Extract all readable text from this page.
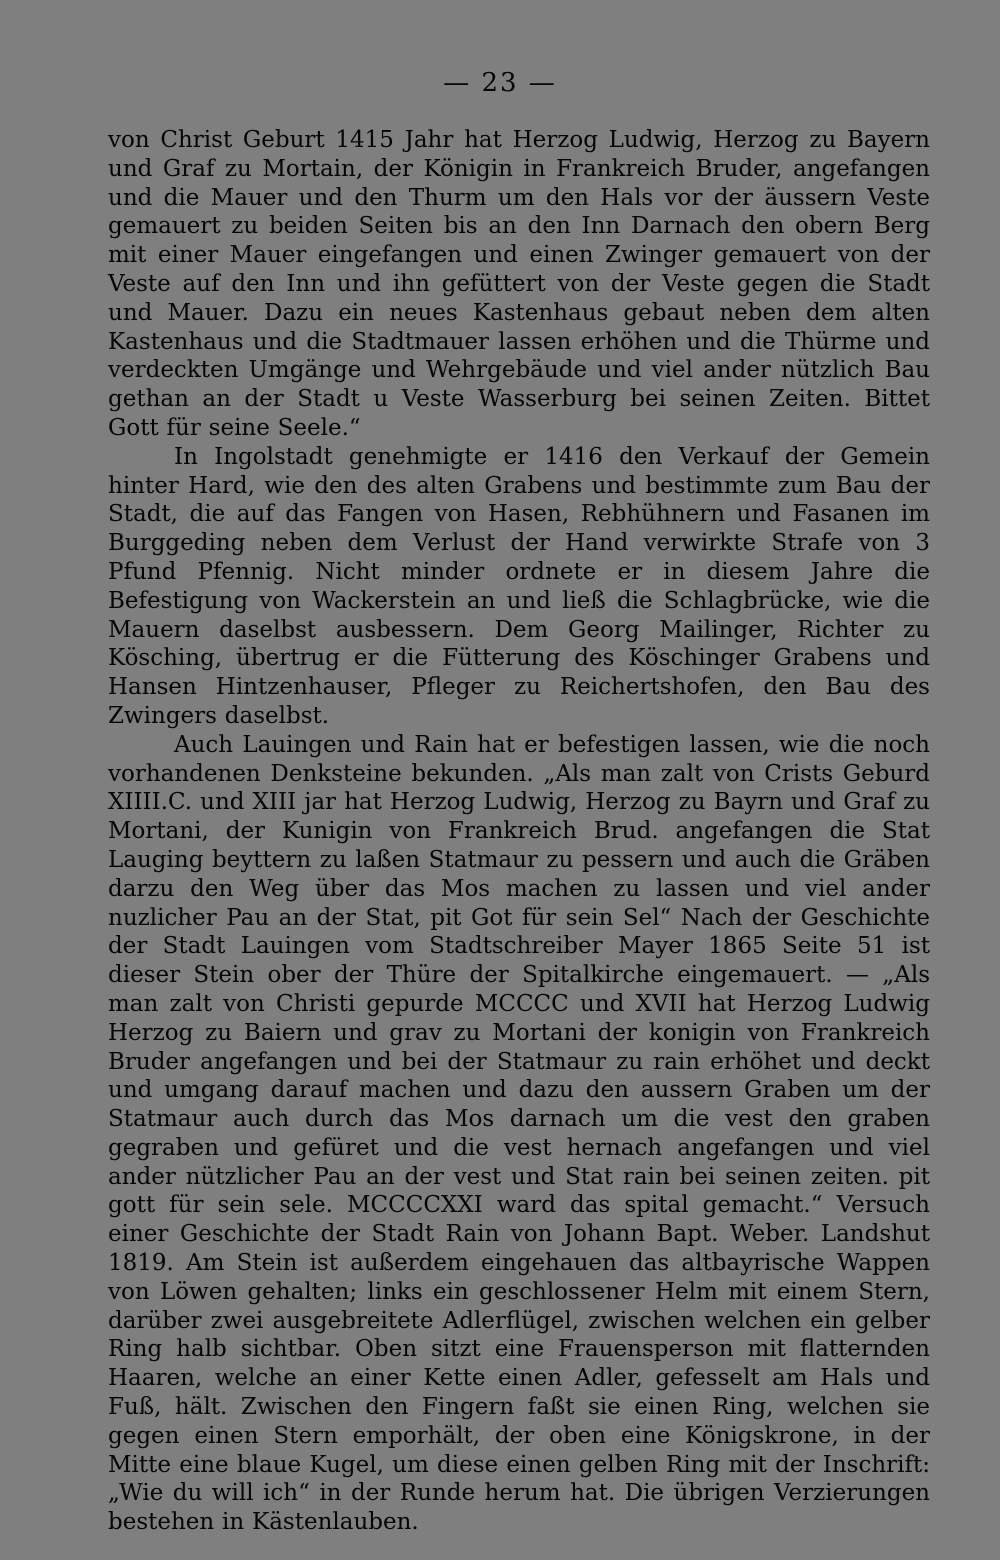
— 23 —

von Christ Geburt 1415 Jahr hat Herzog Ludwig, Herzog zu Bayern und Graf zu Mortain, der Königin in Frankreich Bruder, angefangen und die Mauer und den Thurm um den Hals vor der äussern Veste gemauert zu beiden Seiten bis an den Inn Darnach den obern Berg mit einer Mauer eingefangen und einen Zwinger gemauert von der Veste auf den Inn und ihn gefüttert von der Veste gegen die Stadt und Mauer. Dazu ein neues Kastenhaus gebaut neben dem alten Kastenhaus und die Stadtmauer lassen erhöhen und die Thürme und verdeckten Umgänge und Wehrgebäude und viel ander nützlich Bau gethan an der Stadt u Veste Wasserburg bei seinen Zeiten. Bittet Gott für seine Seele.“

In Ingolstadt genehmigte er 1416 den Verkauf der Gemein hinter Hard, wie den des alten Grabens und bestimmte zum Bau der Stadt, die auf das Fangen von Hasen, Rebhühnern und Fasanen im Burggeding neben dem Verlust der Hand verwirkte Strafe von 3 Pfund Pfennig. Nicht minder ordnete er in diesem Jahre die Befestigung von Wackerstein an und ließ die Schlagbrücke, wie die Mauern daselbst ausbessern. Dem Georg Mailinger, Richter zu Kösching, übertrug er die Fütterung des Köschinger Grabens und Hansen Hintzenhauser, Pfleger zu Reichertshofen, den Bau des Zwingers daselbst.

Auch Lauingen und Rain hat er befestigen lassen, wie die noch vorhandenen Denksteine bekunden. „Als man zalt von Crists Geburd XIIII.C. und XIII jar hat Herzog Ludwig, Herzog zu Bayrn und Graf zu Mortani, der Kunigin von Frankreich Brud. angefangen die Stat Lauging beyttern zu laßen Statmaur zu pessern und auch die Gräben darzu den Weg über das Mos machen zu lassen und viel ander nuzlicher Pau an der Stat, pit Got für sein Sel“ Nach der Geschichte der Stadt Lauingen vom Stadtschreiber Mayer 1865 Seite 51 ist dieser Stein ober der Thüre der Spitalkirche eingemauert. — „Als man zalt von Christi gepurde MCCCC und XVII hat Herzog Ludwig Herzog zu Baiern und grav zu Mortani der konigin von Frankreich Bruder angefangen und bei der Statmaur zu rain erhöhet und deckt und umgang darauf machen und dazu den aussern Graben um der Statmaur auch durch das Mos darnach um die vest den graben gegraben und gefüret und die vest hernach angefangen und viel ander nützlicher Pau an der vest und Stat rain bei seinen zeiten. pit gott für sein sele. MCCCCXXI ward das spital gemacht.“ Versuch einer Geschichte der Stadt Rain von Johann Bapt. Weber. Landshut 1819. Am Stein ist außerdem eingehauen das altbayrische Wappen von Löwen gehalten; links ein geschlossener Helm mit einem Stern, darüber zwei ausgebreitete Adlerflügel, zwischen welchen ein gelber Ring halb sichtbar. Oben sitzt eine Frauensperson mit flatternden Haaren, welche an einer Kette einen Adler, gefesselt am Hals und Fuß, hält. Zwischen den Fingern faßt sie einen Ring, welchen sie gegen einen Stern emporhält, der oben eine Königskrone, in der Mitte eine blaue Kugel, um diese einen gelben Ring mit der Inschrift: „Wie du will ich“ in der Runde herum hat. Die übrigen Verzierungen bestehen in Kästenlauben.
